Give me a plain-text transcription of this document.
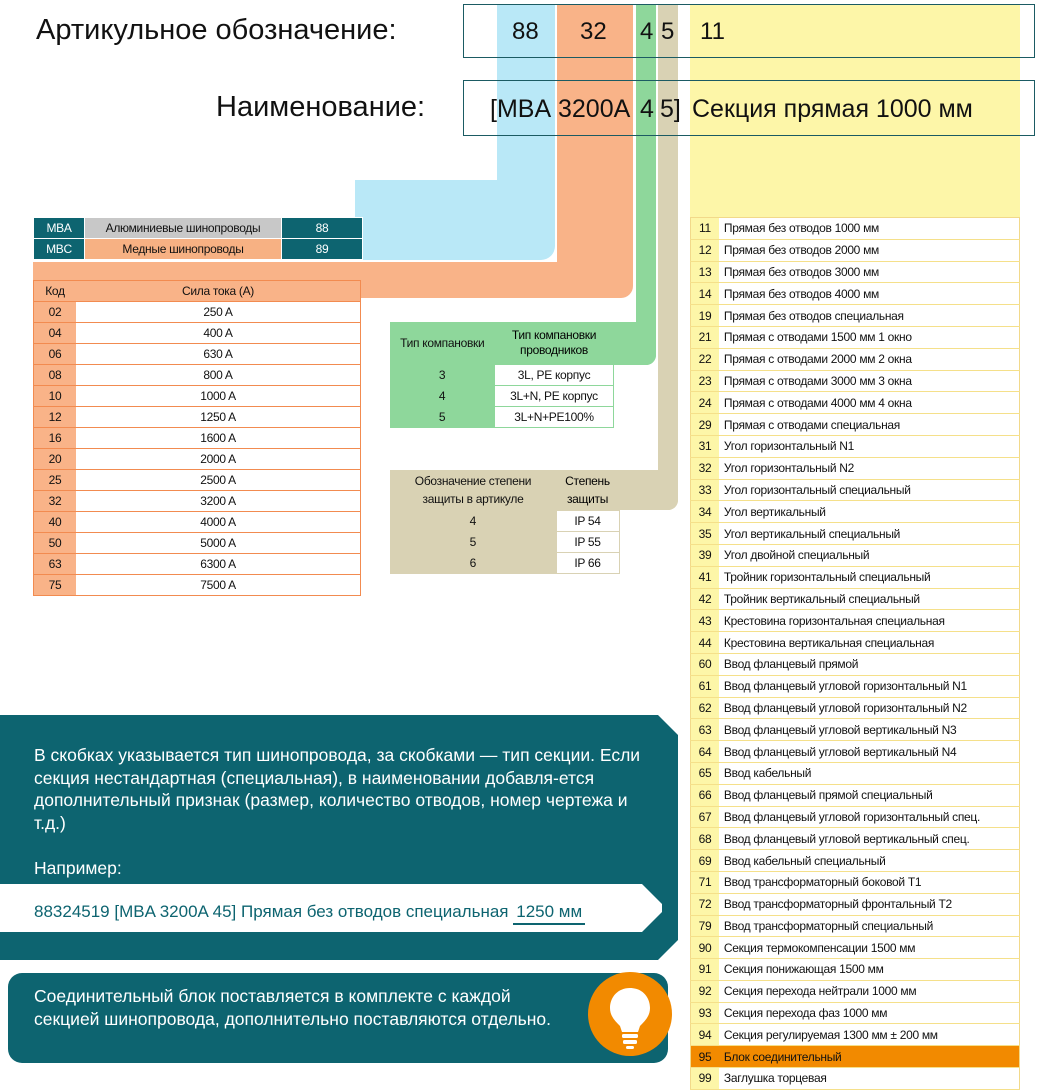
Артикульное обозначение:	88 32 4 5 11
Наименование:	[MBA 3200A 4 5] Секция прямая 1000 мм
MBA	Алюминиевые шинопроводы	88
MBC	Медные шинопроводы	89
Код	Сила тока (A)
02	250 A
04	400 A
06	630 A
08	800 A
10	1000 A
12	1250 A
16	1600 A
20	2000 A
25	2500 A
32	3200 A
40	4000 A
50	5000 A
63	6300 A
75	7500 A
Тип компановки	Тип компановки проводников
3	3L, PE корпус
4	3L+N, PE корпус
5	3L+N+PE100%
Обозначение степени защиты в артикуле	Степень защиты
4	IP 54
5	IP 55
6	IP 66
11	Прямая без отводов 1000 мм
12	Прямая без отводов 2000 мм
13	Прямая без отводов 3000 мм
14	Прямая без отводов 4000 мм
19	Прямая без отводов специальная
21	Прямая с отводами 1500 мм 1 окно
22	Прямая с отводами 2000 мм 2 окна
23	Прямая с отводами 3000 мм 3 окна
24	Прямая с отводами 4000 мм 4 окна
29	Прямая с отводами специальная
31	Угол горизонтальный N1
32	Угол горизонтальный N2
33	Угол горизонтальный специальный
34	Угол вертикальный
35	Угол вертикальный специальный
39	Угол двойной специальный
41	Тройник горизонтальный специальный
42	Тройник вертикальный специальный
43	Крестовина горизонтальная специальная
44	Крестовина вертикальная специальная
60	Ввод фланцевый прямой
61	Ввод фланцевый угловой горизонтальный N1
62	Ввод фланцевый угловой горизонтальный N2
63	Ввод фланцевый угловой вертикальный N3
64	Ввод фланцевый угловой вертикальный N4
65	Ввод кабельный
66	Ввод фланцевый прямой специальный
67	Ввод фланцевый угловой горизонтальный спец.
68	Ввод фланцевый угловой вертикальный спец.
69	Ввод кабельный специальный
71	Ввод трансформаторный боковой T1
72	Ввод трансформаторный фронтальный T2
79	Ввод трансформаторный специальный
90	Секция термокомпенсации 1500 мм
91	Секция понижающая 1500 мм
92	Секция перехода нейтрали 1000 мм
93	Секция перехода фаз 1000 мм
94	Секция регулируемая 1300 мм ± 200 мм
95	Блок соединительный
99	Заглушка торцевая
В скобках указывается тип шинопровода, за скобками — тип секции. Если секция нестандартная (специальная), в наименовании добавля-ется дополнительный признак (размер, количество отводов, номер чертежа и т.д.)
Например:
88324519 [MBA 3200A 45] Прямая без отводов специальная 1250 мм
Соединительный блок поставляется в комплекте с каждой секцией шинопровода, дополнительно поставляются отдельно.
